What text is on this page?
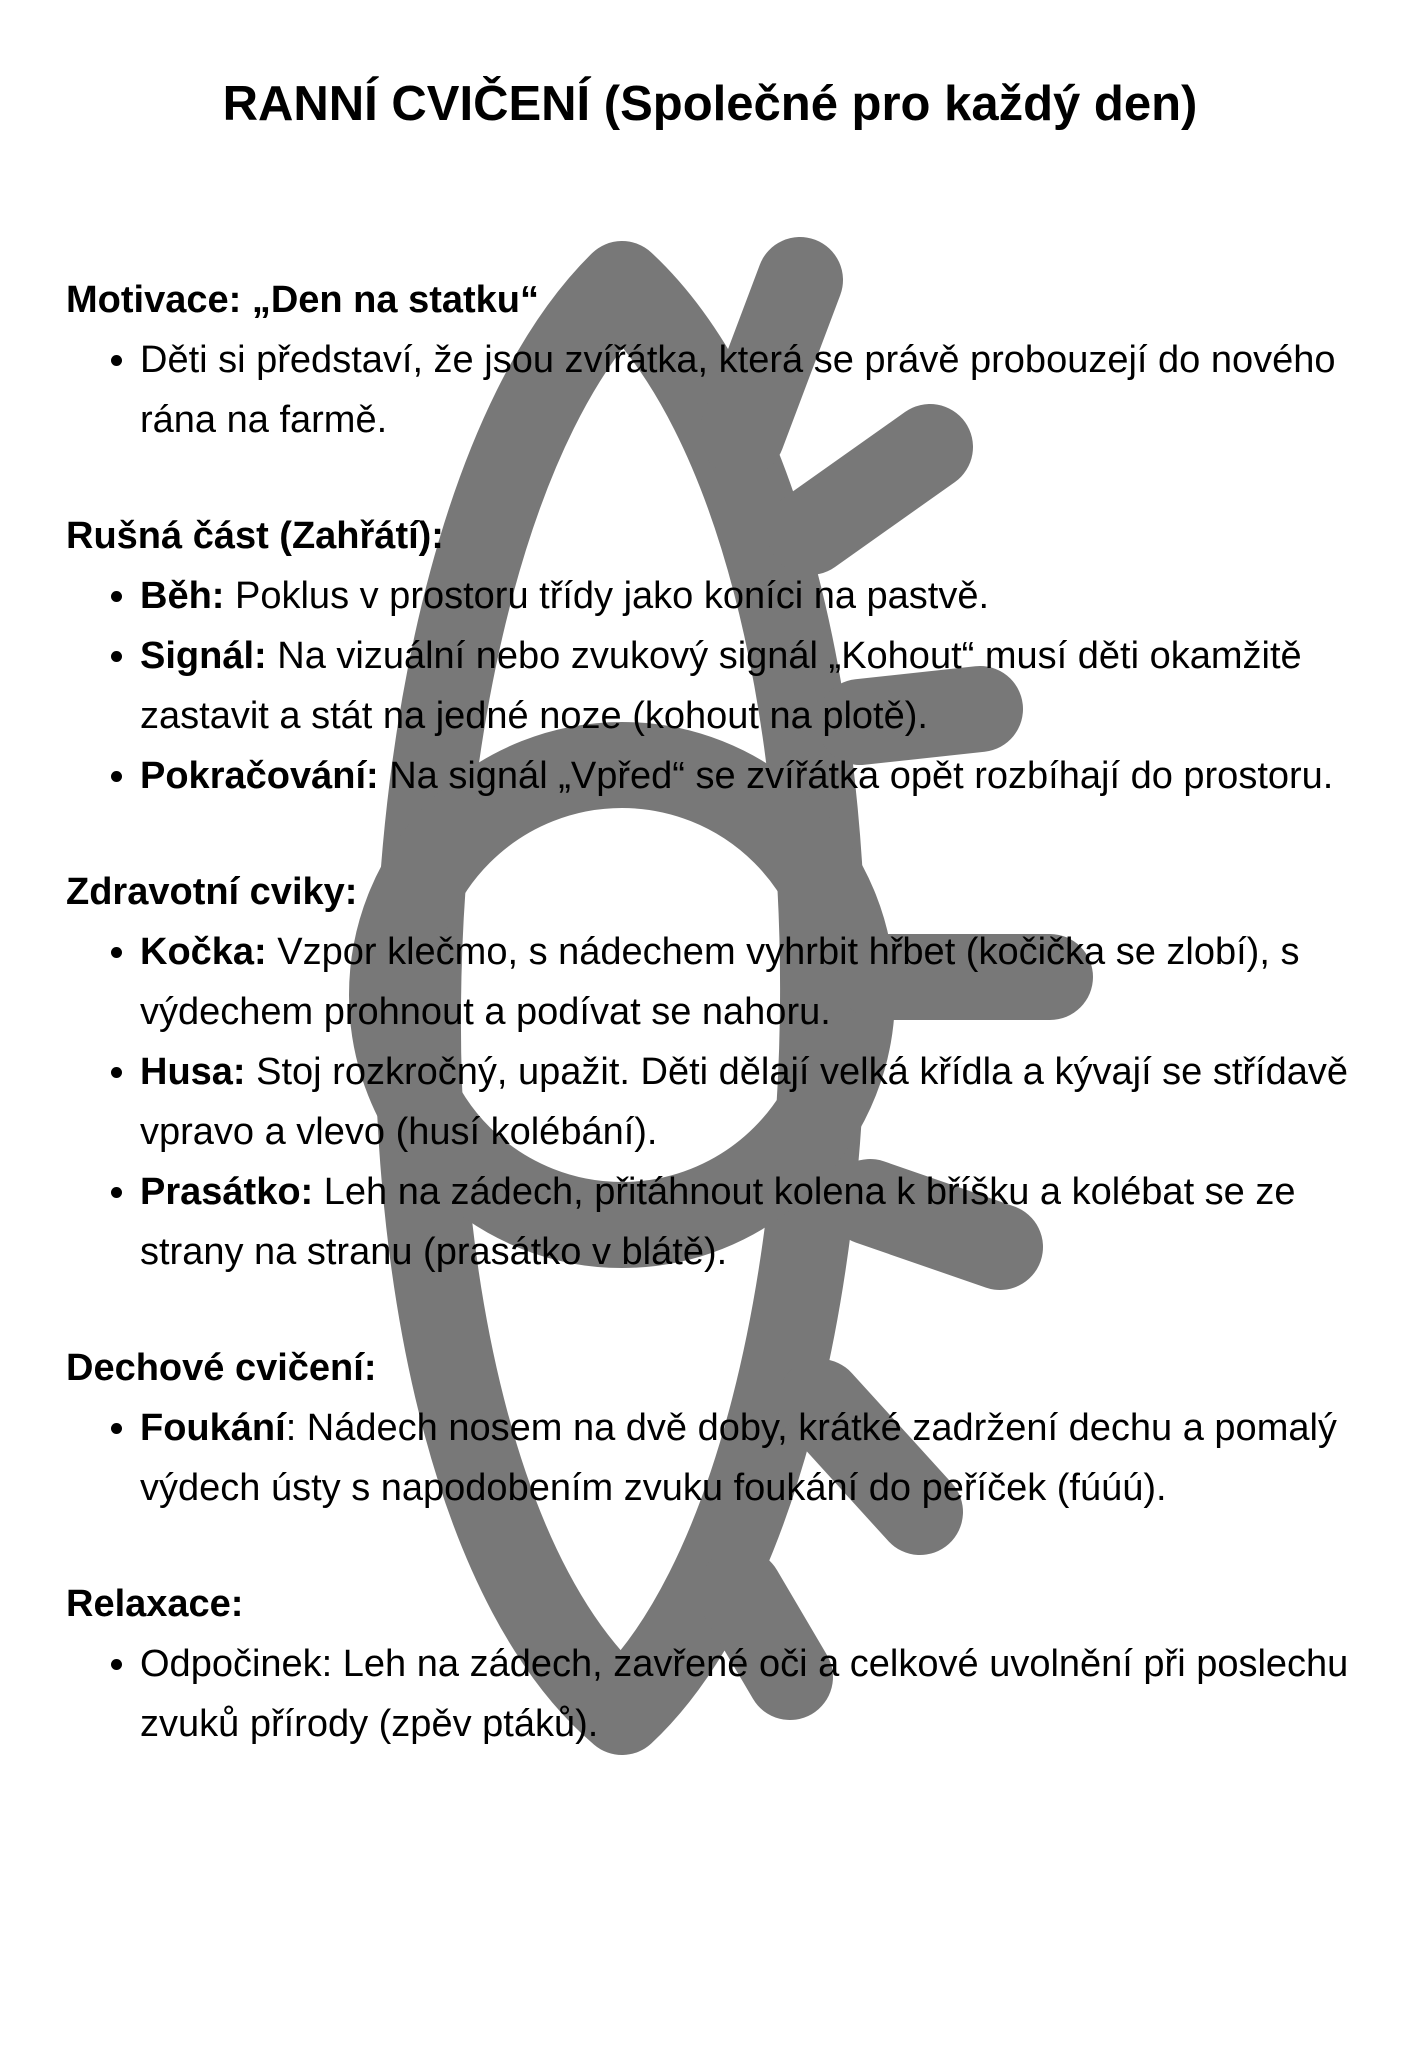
RANNÍ CVIČENÍ (Společné pro každý den)
Motivace: „Den na statku“
• Děti si představí, že jsou zvířátka, která se právě probouzejí do nového rána na farmě.
Rušná část (Zahřátí):
• Běh: Poklus v prostoru třídy jako koníci na pastvě.
• Signál: Na vizuální nebo zvukový signál „Kohout“ musí děti okamžitě zastavit a stát na jedné noze (kohout na plotě).
• Pokračování: Na signál „Vpřed“ se zvířátka opět rozbíhají do prostoru.
Zdravotní cviky:
• Kočka: Vzpor klečmo, s nádechem vyhrbit hřbet (kočička se zlobí), s výdechem prohnout a podívat se nahoru.
• Husa: Stoj rozkročný, upažit. Děti dělají velká křídla a kývají se střídavě vpravo a vlevo (husí kolébání).
• Prasátko: Leh na zádech, přitáhnout kolena k bříšku a kolébat se ze strany na stranu (prasátko v blátě).
Dechové cvičení:
• Foukání: Nádech nosem na dvě doby, krátké zadržení dechu a pomalý výdech ústy s napodobením zvuku foukání do peříček (fúúú).
Relaxace:
• Odpočinek: Leh na zádech, zavřené oči a celkové uvolnění při poslechu zvuků přírody (zpěv ptáků).
